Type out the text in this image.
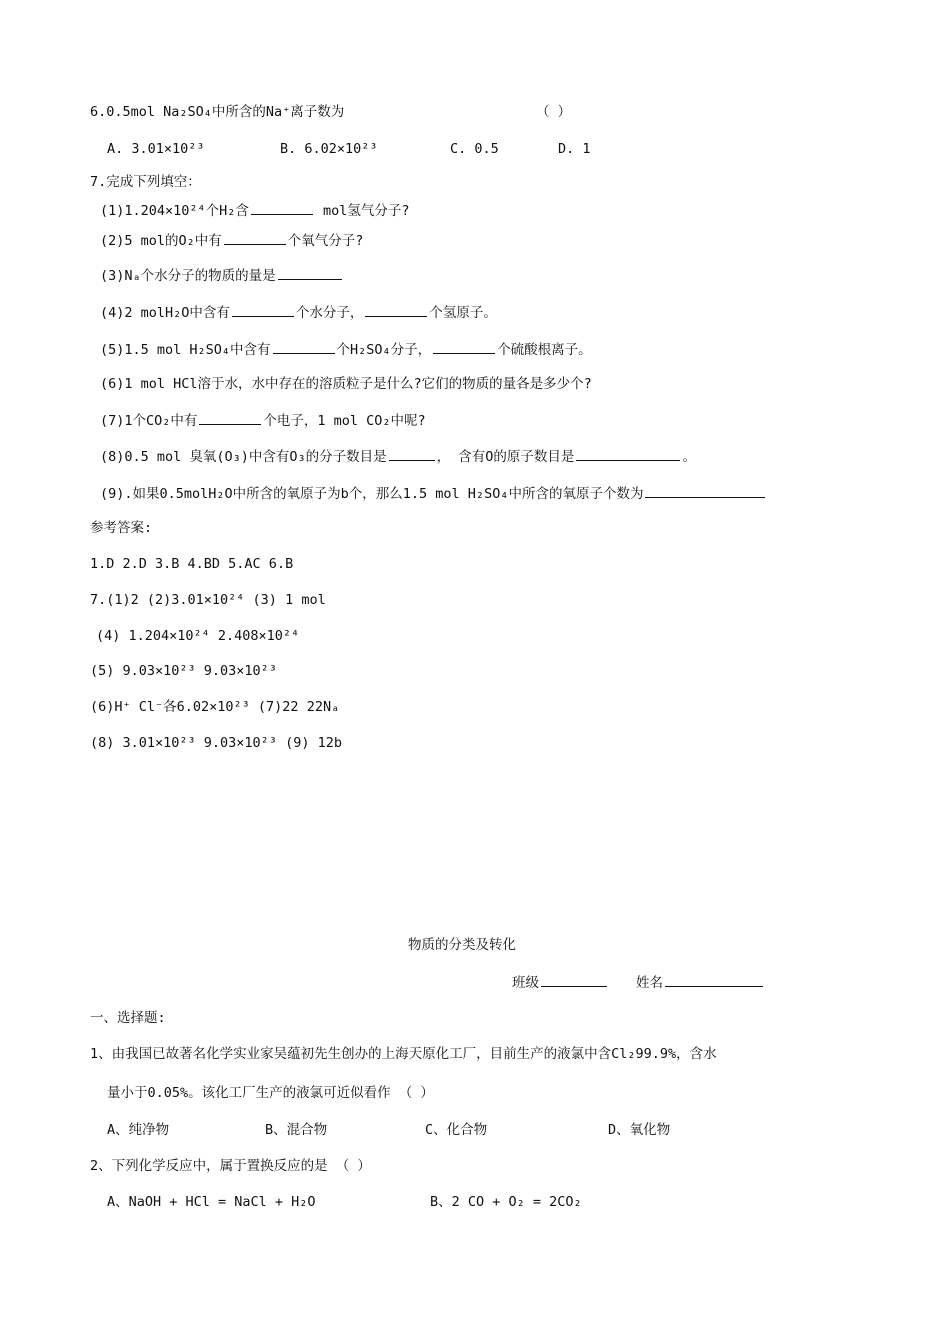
6.0.5mol Na₂SO₄中所含的Na⁺离子数为	（ ）
A. 3.01×10²³	B. 6.02×10²³	C. 0.5	D. 1
7.完成下列填空：
(1)1.204×10²⁴个H₂含	mol氢气分子?
(2)5 mol的O₂中有	个氧气分子?
(3)Nₐ个水分子的物质的量是
(4)2 molH₂O中含有	个水分子，	个氢原子。
(5)1.5 mol H₂SO₄中含有	个H₂SO₄分子，	个硫酸根离子。
(6)1 mol HCl溶于水，水中存在的溶质粒子是什么?它们的物质的量各是多少个?
(7)1个CO₂中有	个电子，1 mol CO₂中呢?
(8)0.5 mol 臭氧(O₃)中含有O₃的分子数目是	， 含有O的原子数目是	。
(9).如果0.5molH₂O中所含的氧原子为b个，那么1.5 mol H₂SO₄中所含的氧原子个数为
参考答案:
1.D 2.D 3.B 4.BD 5.AC 6.B
7.(1)2 (2)3.01×10²⁴ (3) 1 mol
(4) 1.204×10²⁴ 2.408×10²⁴
(5) 9.03×10²³ 9.03×10²³
(6)H⁺ Cl⁻各6.02×10²³ (7)22 22Nₐ
(8) 3.01×10²³ 9.03×10²³ (9) 12b
物质的分类及转化
班级	姓名
一、选择题:
1、由我国已故著名化学实业家吴蕴初先生创办的上海天原化工厂，目前生产的液氯中含Cl₂99.9%，含水
量小于0.05%。该化工厂生产的液氯可近似看作 （ ）
A、纯净物	B、混合物	C、化合物	D、氧化物
2、下列化学反应中，属于置换反应的是 （ ）
A、NaOH + HCl = NaCl + H₂O	B、2 CO + O₂ = 2CO₂
